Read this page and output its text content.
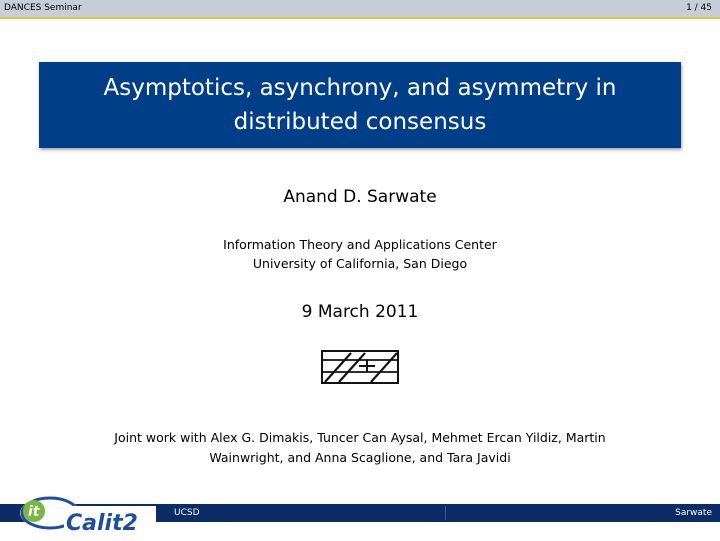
DANCES Seminar	1 / 45
Asymptotics, asynchrony, and asymmetry in
distributed consensus
Anand D. Sarwate
Information Theory and Applications Center
University of California, San Diego
9 March 2011
Joint work with Alex G. Dimakis, Tuncer Can Aysal, Mehmet Ercan Yildiz, Martin
Wainwright, and Anna Scaglione, and Tara Javidi
UCSD	Sarwate
it Calit2
